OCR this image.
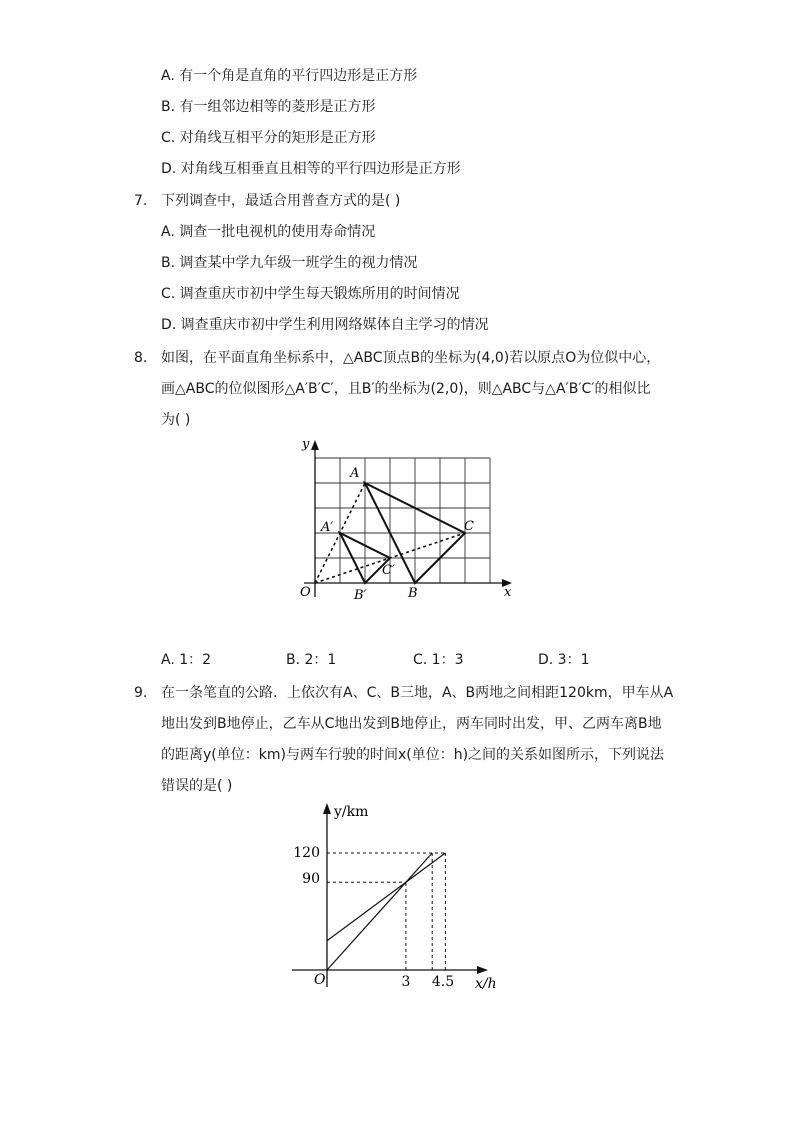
A. 有一个角是直角的平行四边形是正方形
B. 有一组邻边相等的菱形是正方形
C. 对角线互相平分的矩形是正方形
D. 对角线互相垂直且相等的平行四边形是正方形
7. 下列调查中，最适合用普查方式的是( )
A. 调查一批电视机的使用寿命情况
B. 调查某中学九年级一班学生的视力情况
C. 调查重庆市初中学生每天锻炼所用的时间情况
D. 调查重庆市初中学生利用网络媒体自主学习的情况
8. 如图，在平面直角坐标系中，△ABC顶点B的坐标为(4,0)若以原点O为位似中心，
画△ABC的位似图形△A′B′C′，且B′的坐标为(2,0)，则△ABC与△A′B′C′的相似比
为( )
y
x
O
A
A′	C
C′
B′	B
A. 1：2	B. 2：1	C. 1：3	D. 3：1
9. 在一条笔直的公路．上依次有A、C、B三地，A、B两地之间相距120km，甲车从A
地出发到B地停止，乙车从C地出发到B地停止，两车同时出发，甲、乙两车离B地
的距离y(单位：km)与两车行驶的时间x(单位：h)之间的关系如图所示，下列说法
错误的是( )
y/km
x/h
O
120
90
3 4.5
